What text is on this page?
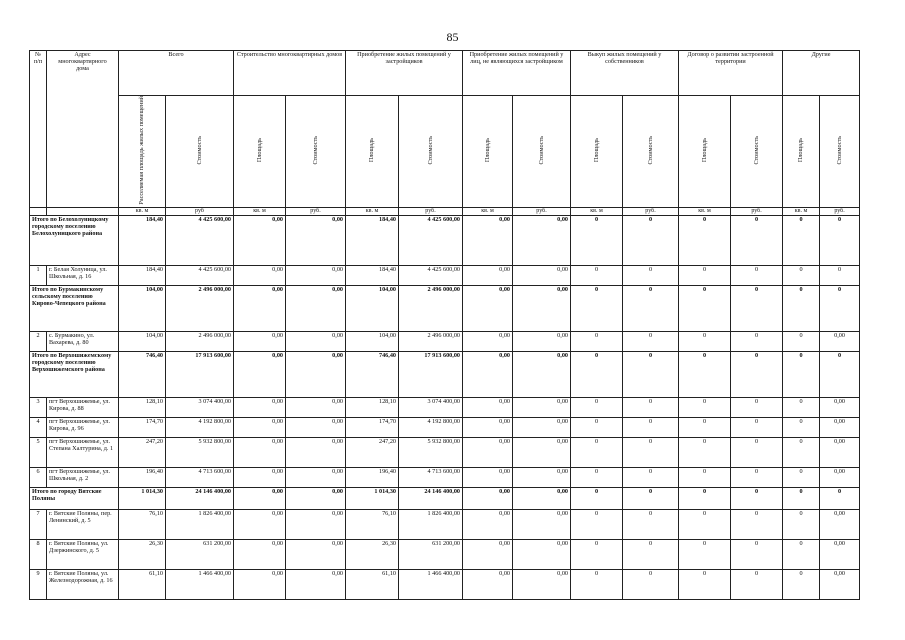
85
№
п/п	Адрес
многоквартирного
дома	Всего		Строительство многоквартирных домов		Приобретение жилых помещений у застройщиков		Приобретение жилых помещений у лиц, не являющихся застройщиком		Выкуп жилых помещений у собственников		Договор о развитии застроенной территории		Другие	
		Расселяемая площадь жилых помещений	Стоимость	Площадь	Стоимость	Площадь	Стоимость	Площадь	Стоимость	Площадь	Стоимость	Площадь	Стоимость	Площадь	Стоимость
		кв. м	руб	кв. м	руб.	кв. м	руб.	кв. м	руб.	кв. м	руб.	кв. м	руб.	кв. м	руб.
Итого по Белохолуницкому городскому поселению Белохолуницкого района		184,40	4 425 600,00	0,00	0,00	184,40	4 425 600,00	0,00	0,00	0	0	0	0	0	0
1	г. Белая Холуница, ул. Школьная, д. 16	184,40	4 425 600,00	0,00	0,00	184,40	4 425 600,00	0,00	0,00	0	0	0	0	0	0
Итого по Бурмакинскому сельскому поселению Кирово-Чепецкого района		104,00	2 496 000,00	0,00	0,00	104,00	2 496 000,00	0,00	0,00	0	0	0	0	0	0
2	с. Бурмакино, ул. Вахарева, д. 80	104,00	2 496 000,00	0,00	0,00	104,00	2 496 000,00	0,00	0,00	0	0	0	0	0	0,00
Итого по Верхошижемскому городскому поселению Верхошижемского района		746,40	17 913 600,00	0,00	0,00	746,40	17 913 600,00	0,00	0,00	0	0	0	0	0	0
3	пгт Верхошижемье, ул. Кирова, д. 88	128,10	3 074 400,00	0,00	0,00	128,10	3 074 400,00	0,00	0,00	0	0	0	0	0	0,00
4	пгт Верхошижемье, ул. Кирова, д. 96	174,70	4 192 800,00	0,00	0,00	174,70	4 192 800,00	0,00	0,00	0	0	0	0	0	0,00
5	пгт Верхошижемье, ул. Степана Халтурина, д. 1	247,20	5 932 800,00	0,00	0,00	247,20	5 932 800,00	0,00	0,00	0	0	0	0	0	0,00
6	пгт Верхошижемье, ул. Школьная, д. 2	196,40	4 713 600,00	0,00	0,00	196,40	4 713 600,00	0,00	0,00	0	0	0	0	0	0,00
Итого по городу Вятские Поляны		1 014,30	24 146 400,00	0,00	0,00	1 014,30	24 146 400,00	0,00	0,00	0	0	0	0	0	0
7	г. Вятские Поляны, пер. Ленинский, д. 5	76,10	1 826 400,00	0,00	0,00	76,10	1 826 400,00	0,00	0,00	0	0	0	0	0	0,00
8	г. Вятские Поляны, ул. Дзержинского, д. 5	26,30	631 200,00	0,00	0,00	26,30	631 200,00	0,00	0,00	0	0	0	0	0	0,00
9	г. Вятские Поляны, ул. Железнодорожная, д. 16	61,10	1 466 400,00	0,00	0,00	61,10	1 466 400,00	0,00	0,00	0	0	0	0	0	0,00
